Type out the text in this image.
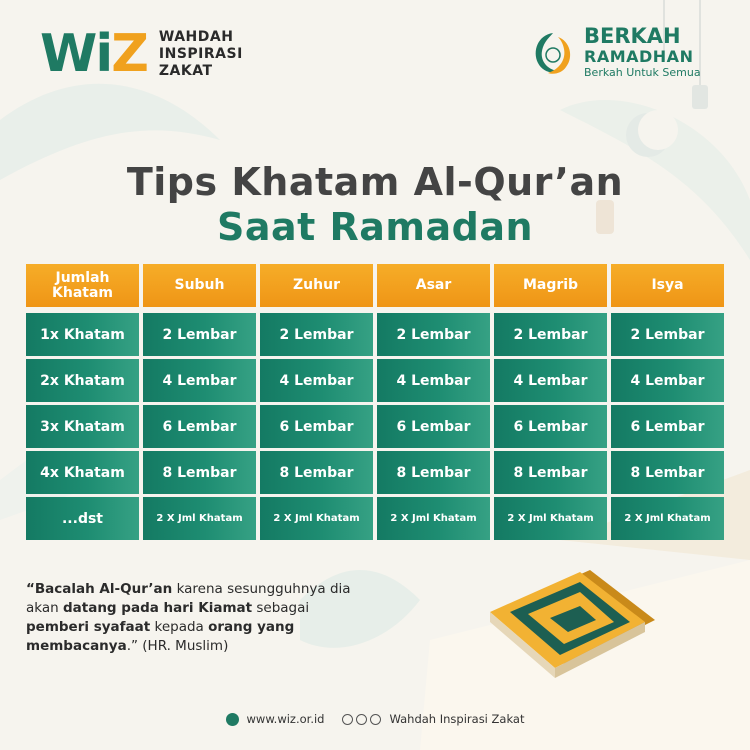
WiZ WAHDAH
INSPIRASI
ZAKAT
BERKAH
RAMADHAN
Berkah Untuk Semua
Tips Khatam Al-Qur’an
Saat Ramadan
Jumlah
Khatam	Subuh	Zuhur	Asar	Magrib	Isya
1x Khatam	2 Lembar	2 Lembar	2 Lembar	2 Lembar	2 Lembar
2x Khatam	4 Lembar	4 Lembar	4 Lembar	4 Lembar	4 Lembar
3x Khatam	6 Lembar	6 Lembar	6 Lembar	6 Lembar	6 Lembar
4x Khatam	8 Lembar	8 Lembar	8 Lembar	8 Lembar	8 Lembar
...dst	2 X Jml Khatam	2 X Jml Khatam	2 X Jml Khatam	2 X Jml Khatam	2 X Jml Khatam
“Bacalah Al-Qur’an karena sesungguhnya dia akan datang pada hari Kiamat sebagai pemberi syafaat kepada orang yang membacanya.” (HR. Muslim)
www.wiz.or.id	Wahdah Inspirasi Zakat
